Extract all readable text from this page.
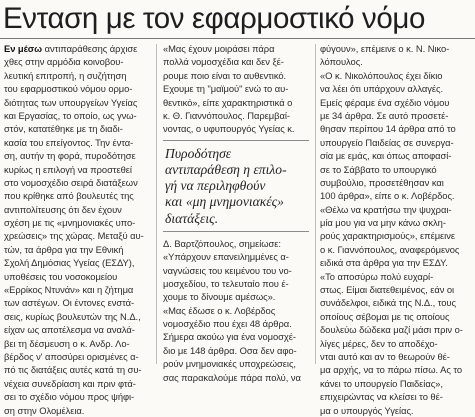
Ενταση με τον εφαρμοστικό νόμο
Εν μέσω αντιπαράθεσης άρχισε
χθες στην αρμόδια κοινοβου-
λευτική επιτροπή, η συζήτηση
του εφαρμοστικού νόμου ορμο-
διότητας των υπουργείων Υγείας
και Εργασίας, το οποίο, ως γνω-
στόν, κατατέθηκε με τη διαδι-
κασία του επείγοντος. Την έντα-
ση, αυτήν τη φορά, πυροδότησε
κυρίως η επιλογή να προστεθεί
στο νομοσχέδιο σειρά διατάξεων
που κρίθηκε από βουλευτές της
αντιπολίτευσης ότι δεν έχουν
σχέση με τις «μνημονιακές υπο-
χρεώσεις» της χώρας. Μεταξύ αυ-
τών, τα άρθρα για την Εθνική
Σχολή Δημόσιας Υγείας (ΕΣΔΥ),
υποθέσεις του νοσοκομείου
«Ερρίκος Ντυνάν» και η ζήτημα
των αστέγων. Οι έντονες ενστά-
σεις, κυρίως βουλευτών της Ν.Δ.,
είχαν ως αποτέλεσμα να αναλά-
βει τη δέσμευση ο κ. Ανδρ. Λο-
βέρδος ν' αποσύρει ορισμένες α-
πό τις διατάξεις αυτές κατά τη συ-
νέχεια συνεδρίαση και πριν φτά-
σει το σχέδιο νόμου προς ψήφι-
ση στην Ολομέλεια.
«Μας έχουν μοιράσει πάρα
πολλά νομοσχέδια και δεν ξέ-
ρουμε ποιο είναι το αυθεντικό.
Εχουμε τη "μαϊμού" ενώ το αυ-
θεντικό», είπε χαρακτηριστικά ο
κ. Θ. Γιαννόπουλος. Παρεμβαί-
νοντας, ο υφυπουργός Υγείας κ.
Πυροδότησε
αντιπαράθεση η επιλο-
γή να περιληφθούν
και «μη μνημονιακές»
διατάξεις.
Δ. Βαρτζόπουλος, σημείωσε:
«Υπάρχουν επανειλημμένες α-
ναγνώσεις του κειμένου του νο-
μοσχεδίου, το τελευταίο που έ-
χουμε το δίνουμε αμέσως».
«Μας έδωσε ο κ. Λοβέρδος
νομοσχέδιο που έχει 48 άρθρα.
Σήμερα ακούω για ένα νομοσχέ-
διο με 148 άρθρα. Οσα δεν αφο-
ρούν μνημονιακές υποχρεώσεις,
σας παρακαλούμε πάρα πολύ, να
φύγουν», επέμεινε ο κ. Ν. Νικο-
λόπουλος.
«Ο κ. Νικολόπουλος έχει δίκιο
να λέει ότι υπάρχουν αλλαγές.
Εμείς φέραμε ένα σχέδιο νόμου
με 34 άρθρα. Σε αυτό προσετέ-
θησαν περίπου 14 άρθρα από το
υπουργείο Παιδείας σε συνεργα-
σία με εμάς, και όπως αποφασί-
σε το Σάββατο το υπουργικό
συμβούλιο, προσετέθησαν και
100 άρθρα», είπε ο κ. Λοβέρδος.
«Θέλω να κρατήσω την ψυχραι-
μία μου για να μην κάνω σκλη-
ρούς χαρακτηρισμούς», επέμεινε
ο κ. Γιαννόπουλος, αναφερόμενος
ειδικά στα άρθρα για την ΕΣΔΥ.
«Το αποσύρω πολύ ευχαρί-
στως. Είμαι διατεθειμένος, εάν οι
συνάδελφοι, ειδικά της Ν.Δ., τους
οποίους σέβομαι με τις οποίους
δουλεύω δώδεκα μαζί μάσι πριν ο-
λίγες μέρες, δεν το αποδέχο-
νται αυτό και αν το θεωρούν θέ-
μα αρχής, να το πάρω πίσω. Ας το
κάνει το υπουργείο Παιδείας»,
επιχειρώντας να κλείσει το θέ-
μα ο υπουργός Υγείας.
